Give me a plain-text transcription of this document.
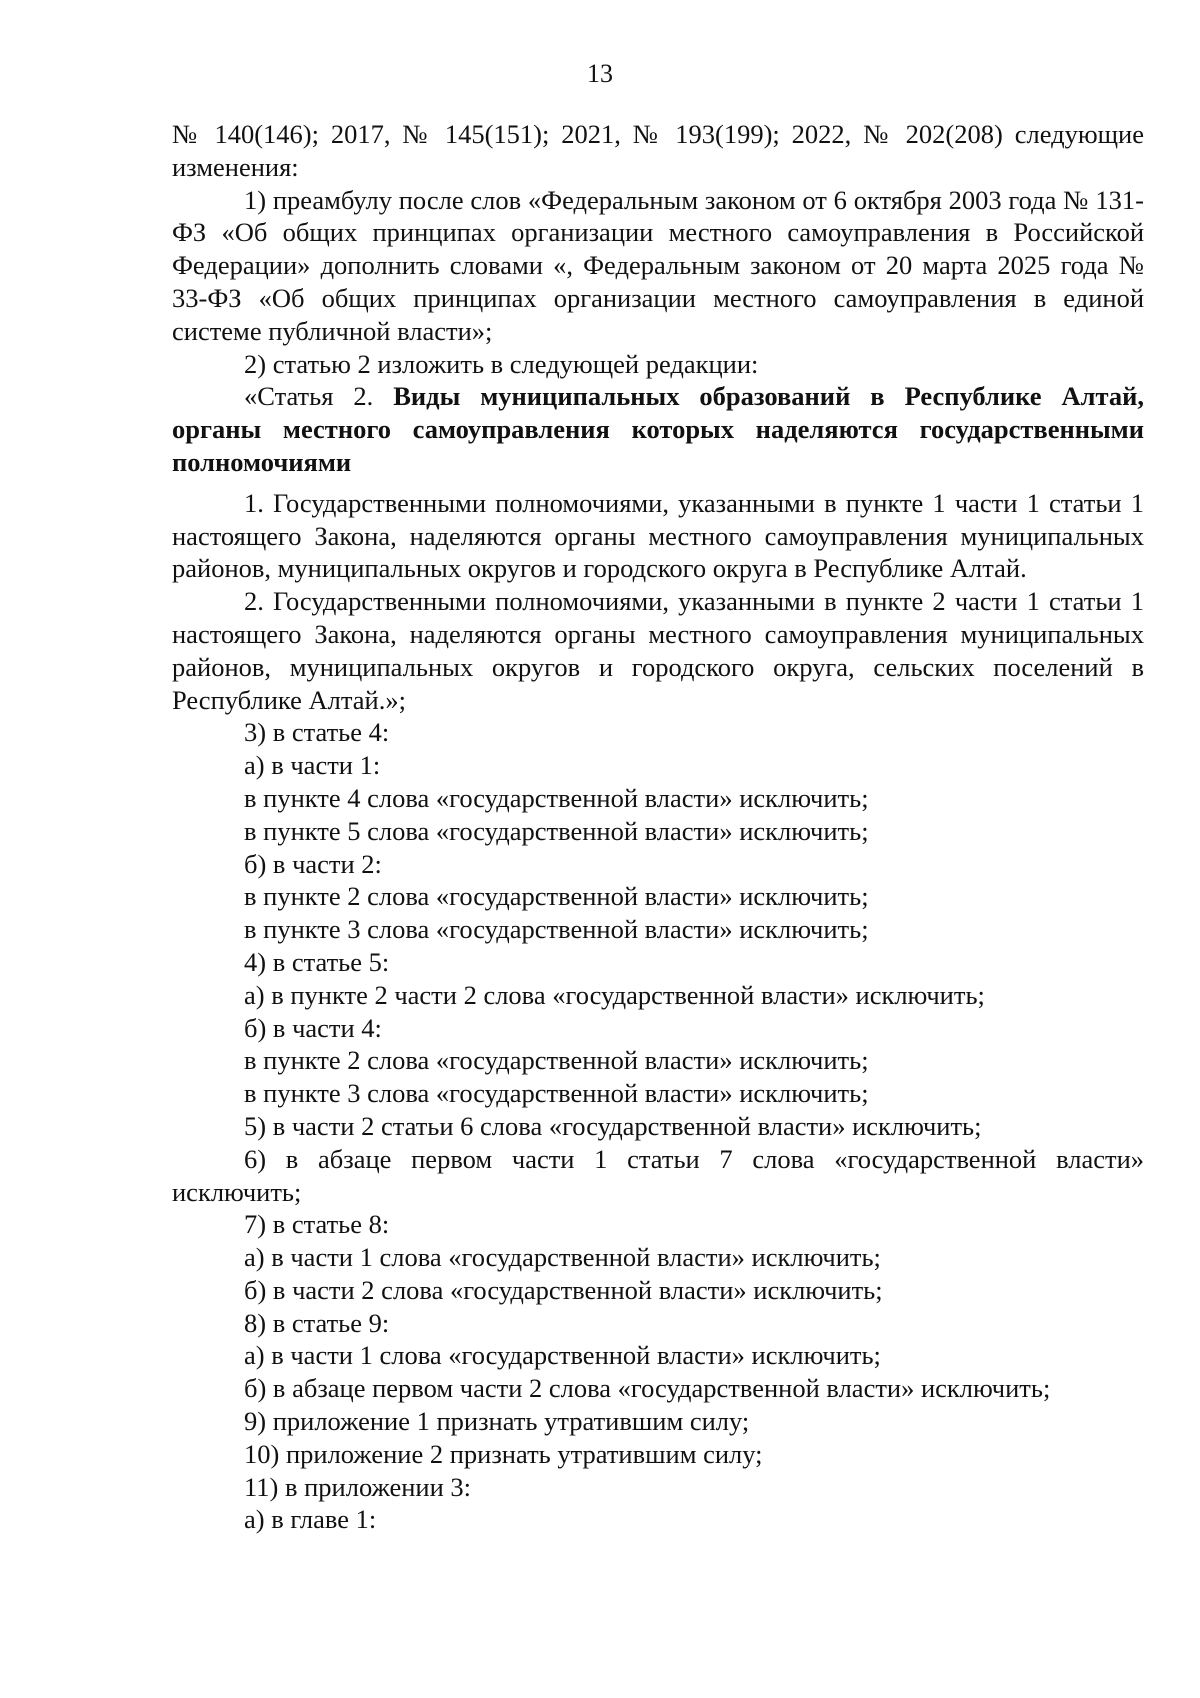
13

№ 140(146); 2017, № 145(151); 2021, № 193(199); 2022, № 202(208) следующие изменения:

1) преамбулу после слов «Федеральным законом от 6 октября 2003 года № 131-ФЗ «Об общих принципах организации местного самоуправления в Российской Федерации» дополнить словами «, Федеральным законом от 20 марта 2025 года № 33-ФЗ «Об общих принципах организации местного самоуправления в единой системе публичной власти»;

2) статью 2 изложить в следующей редакции:

«Статья 2. Виды муниципальных образований в Республике Алтай, органы местного самоуправления которых наделяются государственными полномочиями

1. Государственными полномочиями, указанными в пункте 1 части 1 статьи 1 настоящего Закона, наделяются органы местного самоуправления муниципальных районов, муниципальных округов и городского округа в Республике Алтай.

2. Государственными полномочиями, указанными в пункте 2 части 1 статьи 1 настоящего Закона, наделяются органы местного самоуправления муниципальных районов, муниципальных округов и городского округа, сельских поселений в Республике Алтай.»;

3) в статье 4:

а) в части 1:

в пункте 4 слова «государственной власти» исключить;

в пункте 5 слова «государственной власти» исключить;

б) в части 2:

в пункте 2 слова «государственной власти» исключить;

в пункте 3 слова «государственной власти» исключить;

4) в статье 5:

а) в пункте 2 части 2 слова «государственной власти» исключить;

б) в части 4:

в пункте 2 слова «государственной власти» исключить;

в пункте 3 слова «государственной власти» исключить;

5) в части 2 статьи 6 слова «государственной власти» исключить;

6) в абзаце первом части 1 статьи 7 слова «государственной власти» исключить;

7) в статье 8:

а) в части 1 слова «государственной власти» исключить;

б) в части 2 слова «государственной власти» исключить;

8) в статье 9:

а) в части 1 слова «государственной власти» исключить;

б) в абзаце первом части 2 слова «государственной власти» исключить;

9) приложение 1 признать утратившим силу;

10) приложение 2 признать утратившим силу;

11) в приложении 3:

а) в главе 1:
